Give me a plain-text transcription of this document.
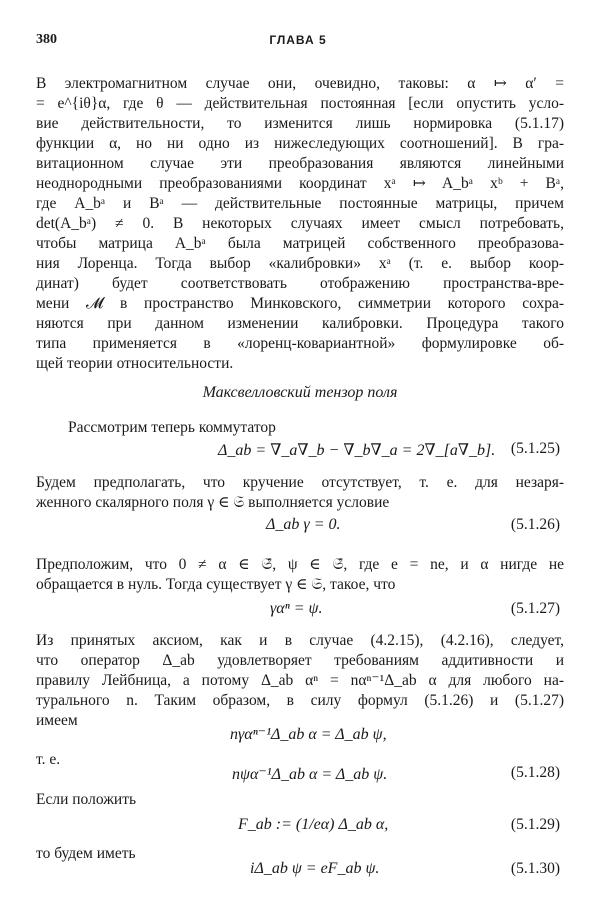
380	ГЛАВА 5
В электромагнитном случае они, очевидно, таковы: α ↦ α′ =
= e^{iθ}α, где θ — действительная постоянная [если опустить усло-
вие действительности, то изменится лишь нормировка (5.1.17)
функции α, но ни одно из нижеследующих соотношений]. В гра-
витационном случае эти преобразования являются линейными
неоднородными преобразованиями координат xᵃ ↦ A_bᵃ xᵇ + Bᵃ,
где A_bᵃ и Bᵃ — действительные постоянные матрицы, причем
det(A_bᵃ) ≠ 0. В некоторых случаях имеет смысл потребовать,
чтобы матрица A_bᵃ была матрицей собственного преобразова-
ния Лоренца. Тогда выбор «калибровки» xᵃ (т. е. выбор коор-
динат) будет соответствовать отображению пространства-вре-
мени 𝓜 в пространство Минковского, симметрии которого сохра-
няются при данном изменении калибровки. Процедура такого
типа применяется в «лоренц-ковариантной» формулировке об-
щей теории относительности.
Максвелловский тензор поля
Рассмотрим теперь коммутатор
Δ_ab = ∇_a∇_b − ∇_b∇_a = 2∇_[a∇_b]. (5.1.25)
Будем предполагать, что кручение отсутствует, т. е. для незаря-
женного скалярного поля γ ∈ 𝔖 выполняется условие
Δ_ab γ = 0.	(5.1.26)
Предположим, что 0 ≠ α ∈ 𝔖̊, ψ ∈ 𝔖̊, где e = ne, и α нигде не
обращается в нуль. Тогда существует γ ∈ 𝔖, такое, что
γαⁿ = ψ.	(5.1.27)
Из принятых аксиом, как и в случае (4.2.15), (4.2.16), следует,
что оператор Δ_ab удовлетворяет требованиям аддитивности и
правилу Лейбница, а потому Δ_ab αⁿ = nαⁿ⁻¹Δ_ab α для любого на-
турального n. Таким образом, в силу формул (5.1.26) и (5.1.27)
имеем
nγαⁿ⁻¹Δ_ab α = Δ_ab ψ,
т. е.
nψα⁻¹Δ_ab α = Δ_ab ψ.	(5.1.28)
Если положить
F_ab := (1/eα) Δ_ab α,	(5.1.29)
то будем иметь
iΔ_ab ψ = eF_ab ψ.	(5.1.30)
